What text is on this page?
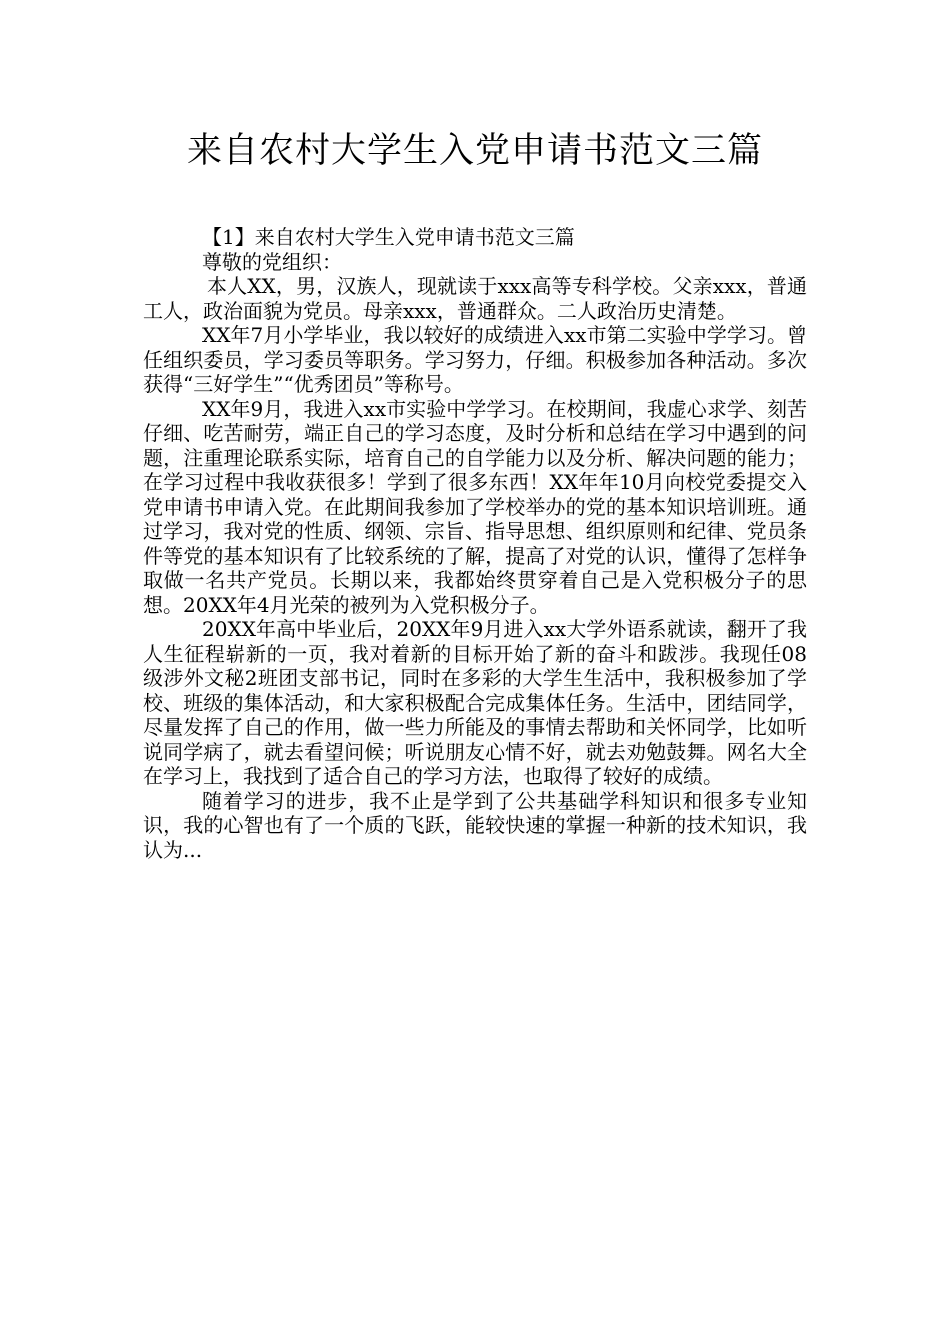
来自农村大学生入党申请书范文三篇

【1】来自农村大学生入党申请书范文三篇

尊敬的党组织：

本人XX，男，汉族人，现就读于xxx高等专科学校。父亲xxx，普通工人，政治面貌为党员。母亲xxx，普通群众。二人政治历史清楚。

XX年7月小学毕业，我以较好的成绩进入xx市第二实验中学学习。曾任组织委员，学习委员等职务。学习努力，仔细。积极参加各种活动。多次获得“三好学生”“优秀团员”等称号。

XX年9月，我进入xx市实验中学学习。在校期间，我虚心求学、刻苦仔细、吃苦耐劳，端正自己的学习态度，及时分析和总结在学习中遇到的问题，注重理论联系实际，培育自己的自学能力以及分析、解决问题的能力；在学习过程中我收获很多！学到了很多东西！XX年年10月向校党委提交入党申请书申请入党。在此期间我参加了学校举办的党的基本知识培训班。通过学习，我对党的性质、纲领、宗旨、指导思想、组织原则和纪律、党员条件等党的基本知识有了比较系统的了解，提高了对党的认识，懂得了怎样争取做一名共产党员。长期以来，我都始终贯穿着自己是入党积极分子的思想。20XX年4月光荣的被列为入党积极分子。

20XX年高中毕业后，20XX年9月进入xx大学外语系就读，翻开了我人生征程崭新的一页，我对着新的目标开始了新的奋斗和跋涉。我现任08级涉外文秘2班团支部书记，同时在多彩的大学生生活中，我积极参加了学校、班级的集体活动，和大家积极配合完成集体任务。生活中，团结同学，尽量发挥了自己的作用，做一些力所能及的事情去帮助和关怀同学，比如听说同学病了，就去看望问候；听说朋友心情不好，就去劝勉鼓舞。网名大全在学习上，我找到了适合自己的学习方法，也取得了较好的成绩。

随着学习的进步，我不止是学到了公共基础学科知识和很多专业知识，我的心智也有了一个质的飞跃，能较快速的掌握一种新的技术知识，我认为...
